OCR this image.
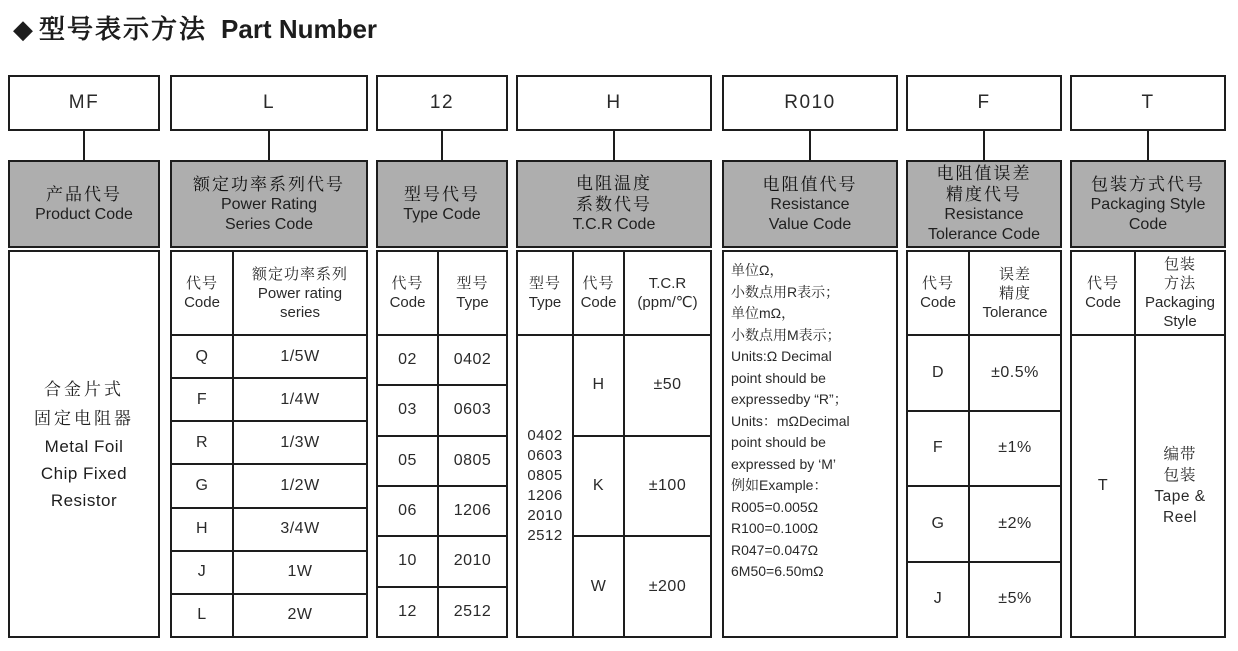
◆ 型号表示方法 Part Number
MF
产品代号
Product Code
合金片式
固定电阻器
Metal Foil
Chip Fixed
Resistor
L
额定功率系列代号
Power Rating
Series Code
代号
Code

额定功率系列
Power rating
series

Q	1/5W
F	1/4W
R	1/3W
G	1/2W
H	3/4W
J	1W
L	2W
12
型号代号
Type Code
代号
Code

型号
Type

02	0402
03	0603
05	0805
06	1206
10	2010
12	2512
H
电阻温度
系数代号
T.C.R Code
型号
Type

代号
Code

T.C.R
(ppm/℃)

0402
0603
0805
1206
2010
2512
	H	±50
	K	±100
	W	±200
R010
电阻值代号
Resistance
Value Code
单位Ω，
小数点用R表示；
单位mΩ，
小数点用M表示；
Units:Ω Decimal
point should be
expressedby “R”；
Units：mΩDecimal
point should be
expressed by ‘M’
例如Example：
R005=0.005Ω
R100=0.100Ω
R047=0.047Ω
6M50=6.50mΩ
F
电阻值误差
精度代号
Resistance
Tolerance Code
代号
Code

误差
精度
Tolerance

D	±0.5%
F	±1%
G	±2%
J	±5%
T
包装方式代号
Packaging Style
Code
代号
Code

包装
方法
Packaging
Style

T	编带
包装
Tape &
Reel
